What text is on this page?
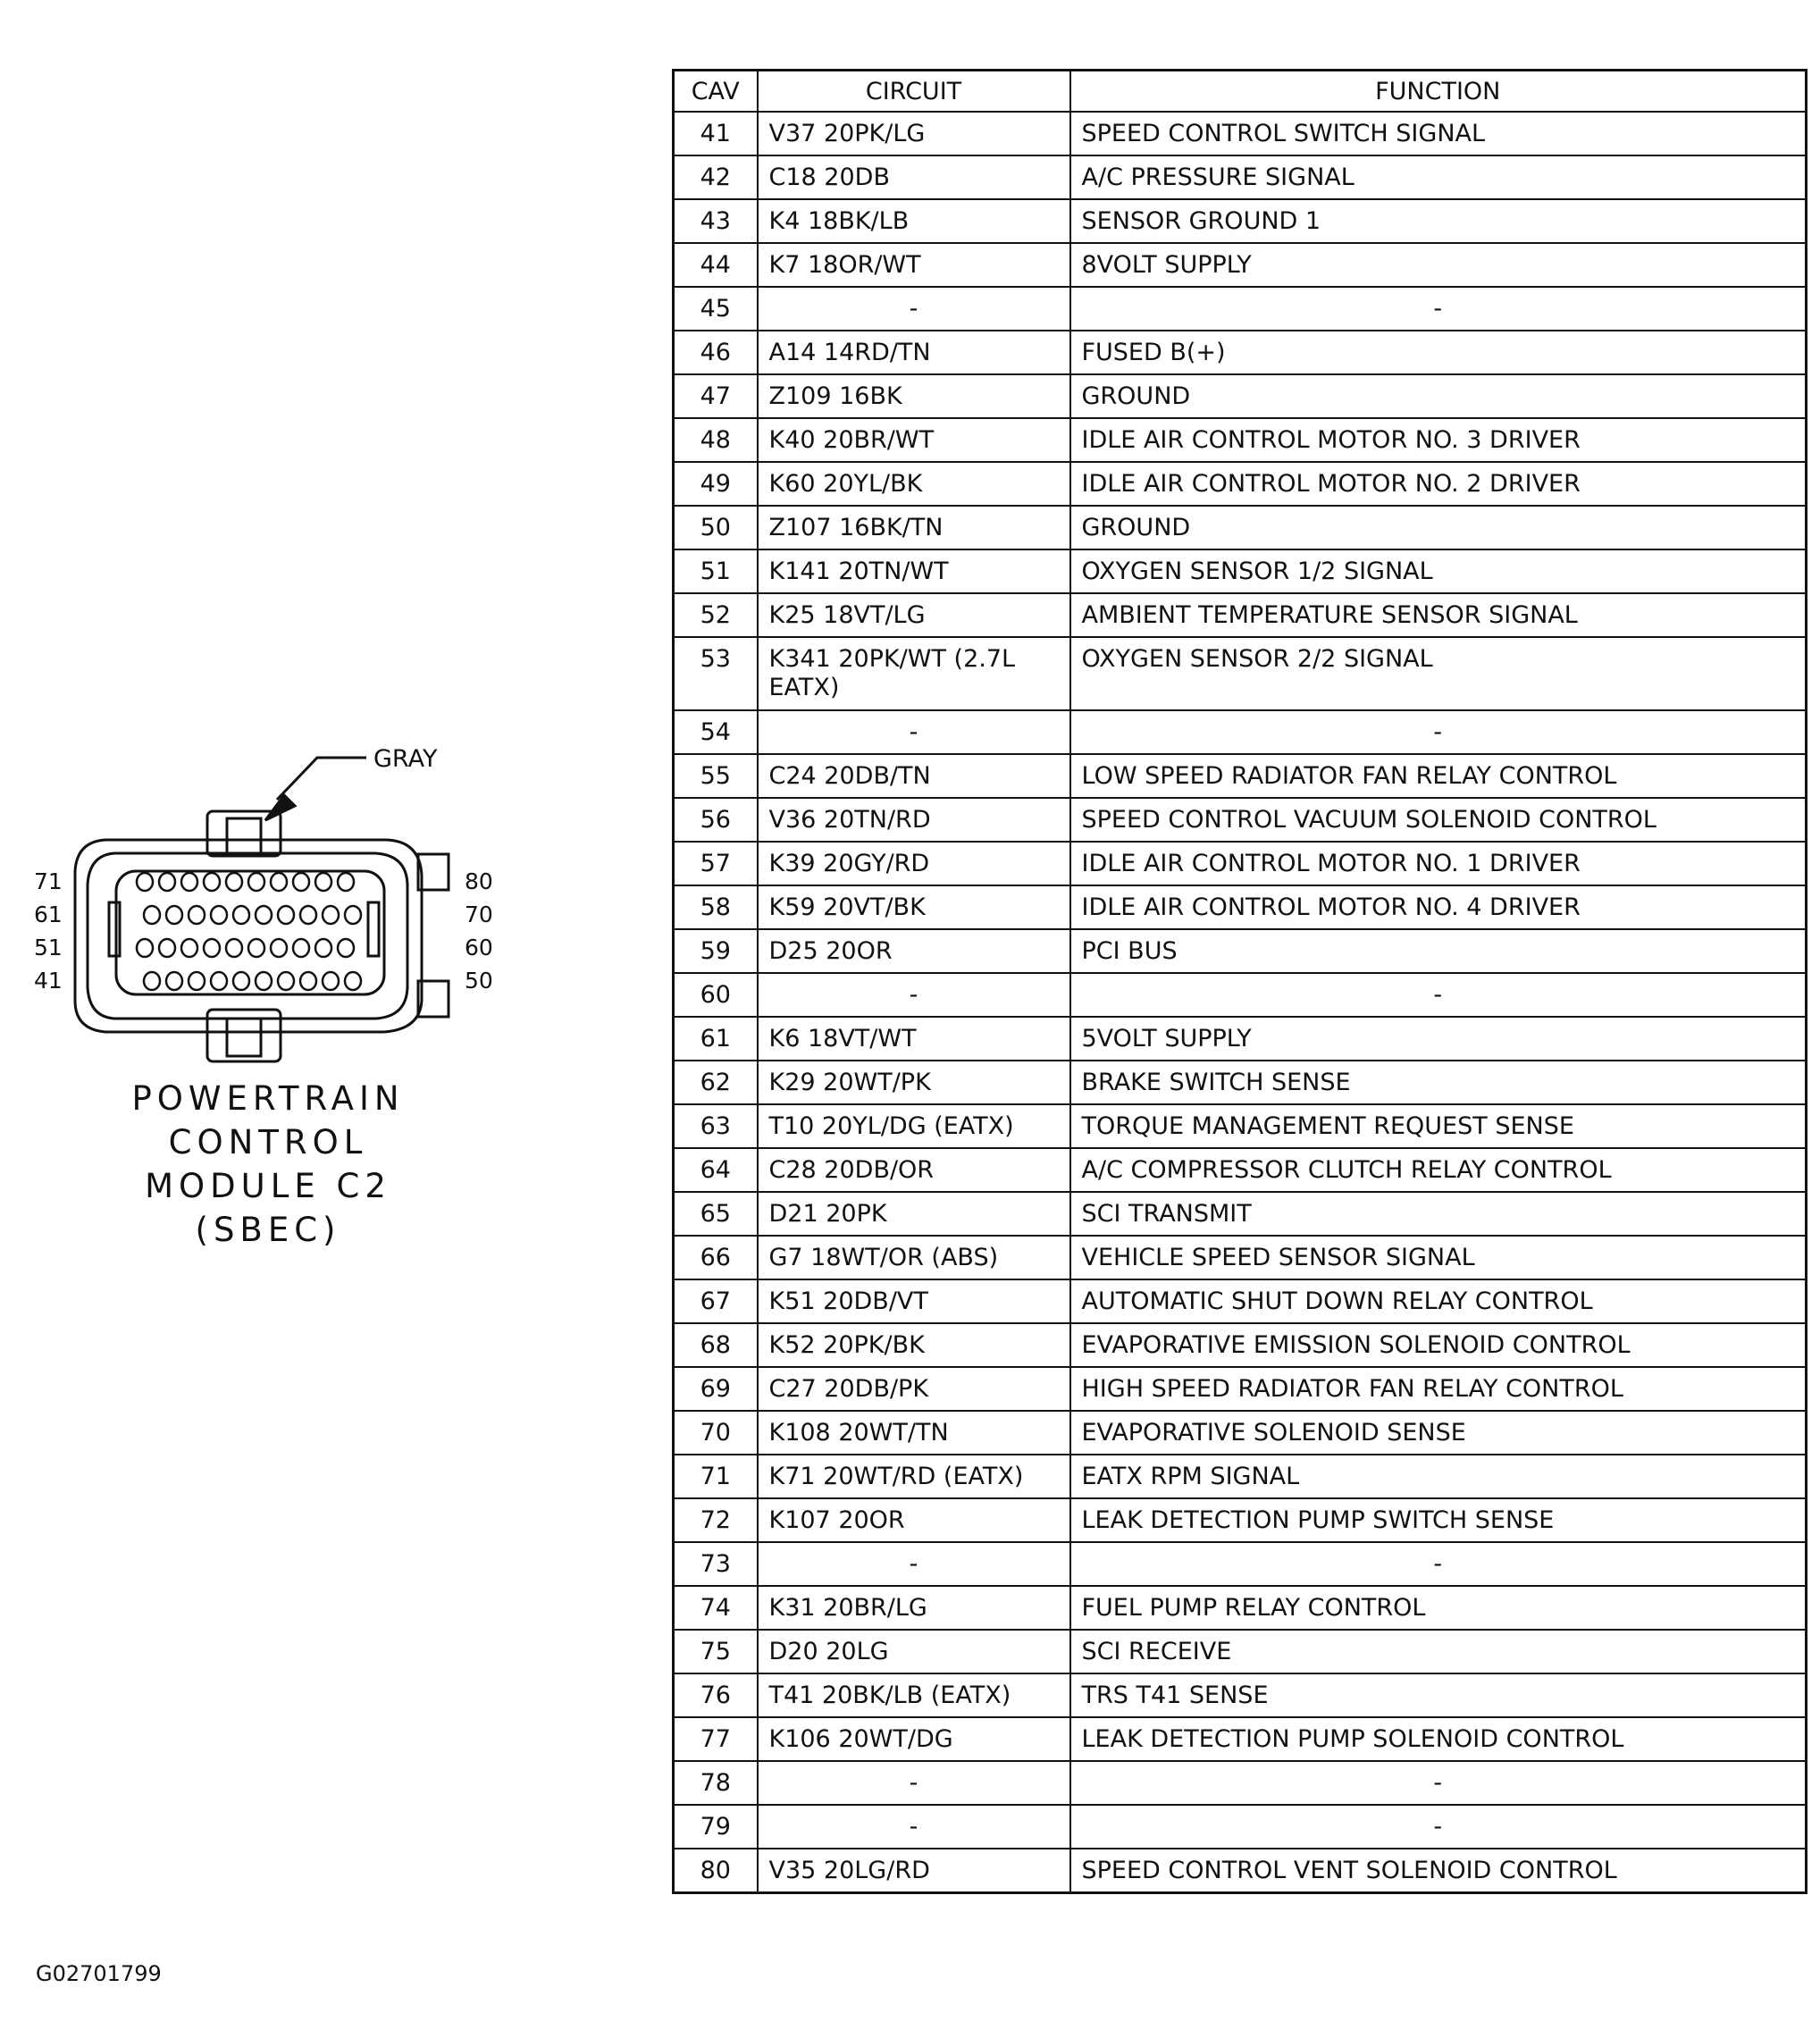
GRAY
71
61
51
41
80
70
60
50
POWERTRAIN
CONTROL
MODULE C2
(SBEC)
CAV	CIRCUIT	FUNCTION
41	V37 20PK/LG	SPEED CONTROL SWITCH SIGNAL
42	C18 20DB	A/C PRESSURE SIGNAL
43	K4 18BK/LB	SENSOR GROUND 1
44	K7 18OR/WT	8VOLT SUPPLY
45	-	-
46	A14 14RD/TN	FUSED B(+)
47	Z109 16BK	GROUND
48	K40 20BR/WT	IDLE AIR CONTROL MOTOR NO. 3 DRIVER
49	K60 20YL/BK	IDLE AIR CONTROL MOTOR NO. 2 DRIVER
50	Z107 16BK/TN	GROUND
51	K141 20TN/WT	OXYGEN SENSOR 1/2 SIGNAL
52	K25 18VT/LG	AMBIENT TEMPERATURE SENSOR SIGNAL
53	K341 20PK/WT (2.7L EATX)	OXYGEN SENSOR 2/2 SIGNAL
54	-	-
55	C24 20DB/TN	LOW SPEED RADIATOR FAN RELAY CONTROL
56	V36 20TN/RD	SPEED CONTROL VACUUM SOLENOID CONTROL
57	K39 20GY/RD	IDLE AIR CONTROL MOTOR NO. 1 DRIVER
58	K59 20VT/BK	IDLE AIR CONTROL MOTOR NO. 4 DRIVER
59	D25 20OR	PCI BUS
60	-	-
61	K6 18VT/WT	5VOLT SUPPLY
62	K29 20WT/PK	BRAKE SWITCH SENSE
63	T10 20YL/DG (EATX)	TORQUE MANAGEMENT REQUEST SENSE
64	C28 20DB/OR	A/C COMPRESSOR CLUTCH RELAY CONTROL
65	D21 20PK	SCI TRANSMIT
66	G7 18WT/OR (ABS)	VEHICLE SPEED SENSOR SIGNAL
67	K51 20DB/VT	AUTOMATIC SHUT DOWN RELAY CONTROL
68	K52 20PK/BK	EVAPORATIVE EMISSION SOLENOID CONTROL
69	C27 20DB/PK	HIGH SPEED RADIATOR FAN RELAY CONTROL
70	K108 20WT/TN	EVAPORATIVE SOLENOID SENSE
71	K71 20WT/RD (EATX)	EATX RPM SIGNAL
72	K107 20OR	LEAK DETECTION PUMP SWITCH SENSE
73	-	-
74	K31 20BR/LG	FUEL PUMP RELAY CONTROL
75	D20 20LG	SCI RECEIVE
76	T41 20BK/LB (EATX)	TRS T41 SENSE
77	K106 20WT/DG	LEAK DETECTION PUMP SOLENOID CONTROL
78	-	-
79	-	-
80	V35 20LG/RD	SPEED CONTROL VENT SOLENOID CONTROL
G02701799
